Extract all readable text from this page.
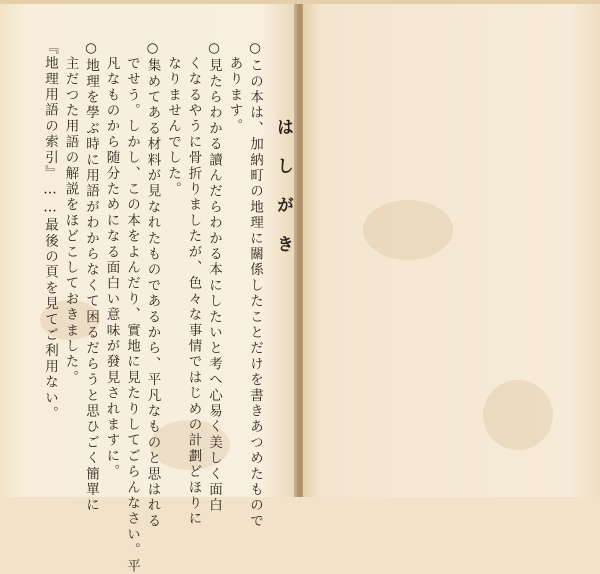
はしがき
○この本は、加納町の地理に關係したことだけを書きあつめたもので
あります。
○見たらわかる讀んだらわかる本にしたいと考へ心易く美しく面白
くなるやうに骨折りましたが、色々な事情ではじめの計劃どほりに
なりませんでした。
○集めてある材料が見なれたものであるから、平凡なものと思はれる
でせう。しかし、この本をよんだり、實地に見たりしてごらんなさい。平
凡なものから随分ためになる面白い意味が發見されますに。
○地理を學ぶ時に用語がわからなくて困るだらうと思ひごく簡單に
主だつた用語の解説をほどこしておきました。
『地理用語の索引』……最後の頁を見てご利用ない。
